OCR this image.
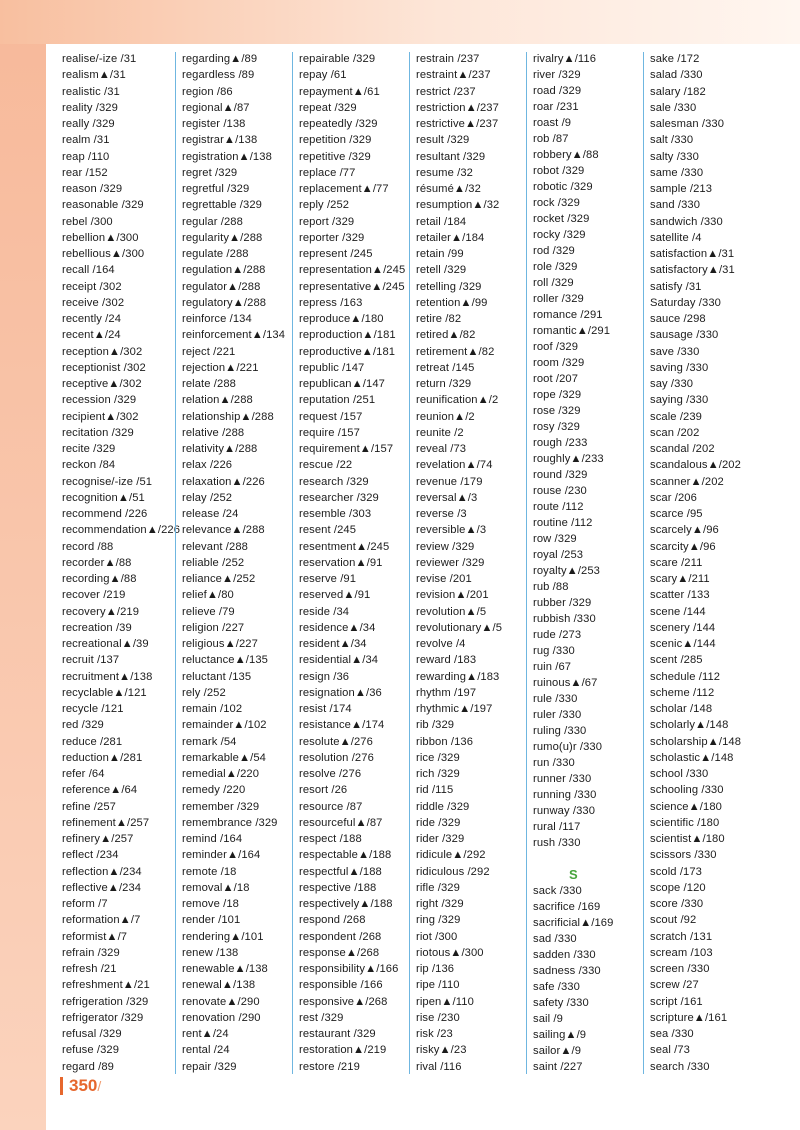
realise/-ize /31
realism▲/31
realistic /31
reality /329
really /329
realm /31
reap /110
rear /152
reason /329
reasonable /329
rebel /300
rebellion▲/300
rebellious▲/300
recall /164
receipt /302
receive /302
recently /24
recent▲/24
reception▲/302
receptionist /302
receptive▲/302
recession /329
recipient▲/302
recitation /329
recite /329
reckon /84
recognise/-ize /51
recognition▲/51
recommend /226
recommendation▲/226
record /88
recorder▲/88
recording▲/88
recover /219
recovery▲/219
recreation /39
recreational▲/39
recruit /137
recruitment▲/138
recyclable▲/121
recycle /121
red /329
reduce /281
reduction▲/281
refer /64
reference▲/64
refine /257
refinement▲/257
refinery▲/257
reflect /234
reflection▲/234
reflective▲/234
reform /7
reformation▲/7
reformist▲/7
refrain /329
refresh /21
refreshment▲/21
refrigeration /329
refrigerator /329
refusal /329
refuse /329
regard /89
regarding▲/89
regardless /89
region /86
regional▲/87
register /138
registrar▲/138
registration▲/138
regret /329
regretful /329
regrettable /329
regular /288
regularity▲/288
regulate /288
regulation▲/288
regulator▲/288
regulatory▲/288
reinforce /134
reinforcement▲/134
reject /221
rejection▲/221
relate /288
relation▲/288
relationship▲/288
relative /288
relativity▲/288
relax /226
relaxation▲/226
relay /252
release /24
relevance▲/288
relevant /288
reliable /252
reliance▲/252
relief▲/80
relieve /79
religion /227
religious▲/227
reluctance▲/135
reluctant /135
rely /252
remain /102
remainder▲/102
remark /54
remarkable▲/54
remedial▲/220
remedy /220
remember /329
remembrance /329
remind /164
reminder▲/164
remote /18
removal▲/18
remove /18
render /101
rendering▲/101
renew /138
renewable▲/138
renewal▲/138
renovate▲/290
renovation /290
rent▲/24
rental /24
repair /329
repairable /329
repay /61
repayment▲/61
repeat /329
repeatedly /329
repetition /329
repetitive /329
replace /77
replacement▲/77
reply /252
report /329
reporter /329
represent /245
representation▲/245
representative▲/245
repress /163
reproduce▲/180
reproduction▲/181
reproductive▲/181
republic /147
republican▲/147
reputation /251
request /157
require /157
requirement▲/157
rescue /22
research /329
researcher /329
resemble /303
resent /245
resentment▲/245
reservation▲/91
reserve /91
reserved▲/91
reside /34
residence▲/34
resident▲/34
residential▲/34
resign /36
resignation▲/36
resist /174
resistance▲/174
resolute▲/276
resolution /276
resolve /276
resort /26
resource /87
resourceful▲/87
respect /188
respectable▲/188
respectful▲/188
respective /188
respectively▲/188
respond /268
respondent /268
response▲/268
responsibility▲/166
responsible /166
responsive▲/268
rest /329
restaurant /329
restoration▲/219
restore /219
restrain /237
restraint▲/237
restrict /237
restriction▲/237
restrictive▲/237
result /329
resultant /329
resume /32
résumé▲/32
resumption▲/32
retail /184
retailer▲/184
retain /99
retell /329
retelling /329
retention▲/99
retire /82
retired▲/82
retirement▲/82
retreat /145
return /329
reunification▲/2
reunion▲/2
reunite /2
reveal /73
revelation▲/74
revenue /179
reversal▲/3
reverse /3
reversible▲/3
review /329
reviewer /329
revise /201
revision▲/201
revolution▲/5
revolutionary▲/5
revolve /4
reward /183
rewarding▲/183
rhythm /197
rhythmic▲/197
rib /329
ribbon /136
rice /329
rich /329
rid /115
riddle /329
ride /329
rider /329
ridicule▲/292
ridiculous /292
rifle /329
right /329
ring /329
riot /300
riotous▲/300
rip /136
ripe /110
ripen▲/110
rise /230
risk /23
risky▲/23
rival /116
rivalry▲/116
river /329
road /329
roar /231
roast /9
rob /87
robbery▲/88
robot /329
robotic /329
rock /329
rocket /329
rocky /329
rod /329
role /329
roll /329
roller /329
romance /291
romantic▲/291
roof /329
room /329
root /207
rope /329
rose /329
rosy /329
rough /233
roughly▲/233
round /329
rouse /230
route /112
routine /112
row /329
royal /253
royalty▲/253
rub /88
rubber /329
rubbish /330
rude /273
rug /330
ruin /67
ruinous▲/67
rule /330
ruler /330
ruling /330
rumo(u)r /330
run /330
runner /330
running /330
runway /330
rural /117
rush /330
S
sack /330
sacrifice /169
sacrificial▲/169
sad /330
sadden /330
sadness /330
safe /330
safety /330
sail /9
sailing▲/9
sailor▲/9
saint /227
sake /172
salad /330
salary /182
sale /330
salesman /330
salt /330
salty /330
same /330
sample /213
sand /330
sandwich /330
satellite /4
satisfaction▲/31
satisfactory▲/31
satisfy /31
Saturday /330
sauce /298
sausage /330
save /330
saving /330
say /330
saying /330
scale /239
scan /202
scandal /202
scandalous▲/202
scanner▲/202
scar /206
scarce /95
scarcely▲/96
scarcity▲/96
scare /211
scary▲/211
scatter /133
scene /144
scenery /144
scenic▲/144
scent /285
schedule /112
scheme /112
scholar /148
scholarly▲/148
scholarship▲/148
scholastic▲/148
school /330
schooling /330
science▲/180
scientific /180
scientist▲/180
scissors /330
scold /173
scope /120
score /330
scout /92
scratch /131
scream /103
screen /330
screw /27
script /161
scripture▲/161
sea /330
seal /73
search /330
350/
